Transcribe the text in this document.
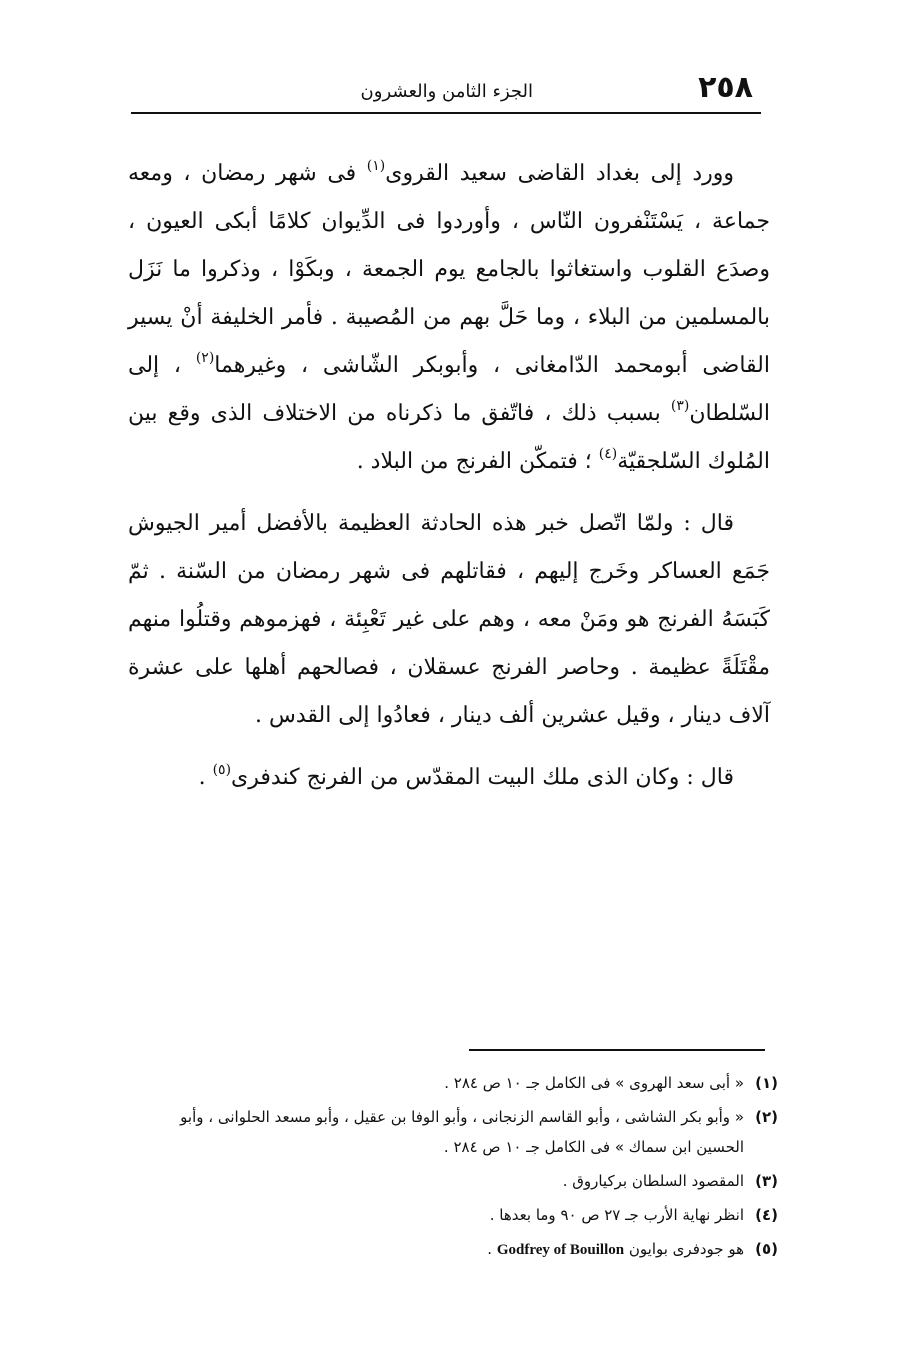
٢٥٨
الجزء الثامن والعشرون

وورد إلى بغداد القاضى سعيد القروى$^{(١)}$ فى شهر رمضان ، ومعه جماعة ، يَسْتَنْفرون النّاس ، وأوردوا فى الدِّيوان كلامًا أبكى العيون ، وصدَع القلوب واستغاثوا بالجامع يوم الجمعة ، وبكَوْا ، وذكروا ما نَزَل بالمسلمين من البلاء ، وما حَلَّ بهم من المُصيبة . فأمر الخليفة أنْ يسير القاضى أبومحمد الدّامغانى ، وأبوبكر الشّاشى ، وغيرهما$^{(٢)}$ ، إلى السّلطان$^{(٣)}$ بسبب ذلك ، فاتّفق ما ذكرناه من الاختلاف الذى وقع بين المُلوك السّلجقيّة$^{(٤)}$ ؛ فتمكّن الفرنج من البلاد .

قال : ولمّا اتّصل خبر هذه الحادثة العظيمة بالأفضل أمير الجيوش جَمَع العساكر وخَرج إليهم ، فقاتلهم فى شهر رمضان من السّنة . ثمّ كَبَسَهُ الفرنج هو ومَنْ معه ، وهم على غير تَعْبِئة ، فهزموهم وقتلُوا منهم مقْتَلَةً عظيمة . وحاصر الفرنج عسقلان ، فصالحهم أهلها على عشرة آلاف دينار ، وقيل عشرين ألف دينار ، فعادُوا إلى القدس .

قال : وكان الذى ملك البيت المقدّس من الفرنج كندفرى$^{(٥)}$ .

(١)
« أبى سعد الهروى » فى الكامل جـ ١٠ ص ٢٨٤ .
(٢)
« وأبو بكر الشاشى ، وأبو القاسم الزنجانى ، وأبو الوفا بن عقيل ، وأبو مسعد الحلوانى ، وأبو الحسين ابن سماك » فى الكامل جـ ١٠ ص ٢٨٤ .
(٣)
المقصود السلطان بركياروق .
(٤)
انظر نهاية الأرب جـ ٢٧ ص ٩٠ وما بعدها .
(٥)
هو جودفرى بوايون Godfrey of Bouillon .
